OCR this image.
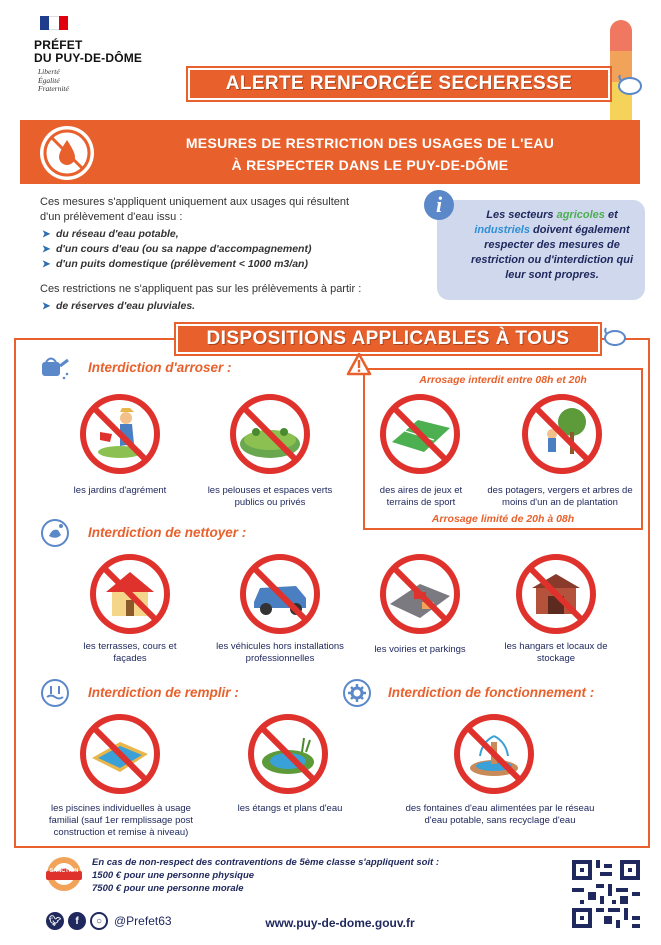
PRÉFET
DU PUY-DE-DÔME
Liberté
Égalité
Fraternité	ALERTE RENFORCÉE SECHERESSE
MESURES DE RESTRICTION DES USAGES DE L'EAU
À RESPECTER DANS LE PUY-DE-DÔME

Ces mesures s'appliquent uniquement aux usages qui résultent

d'un prélèvement d'eau issu :

➤ du réseau d'eau potable,
➤ d'un cours d'eau (ou sa nappe d'accompagnement)
➤ d'un puits domestique (prélèvement < 1000 m3/an)

Ces restrictions ne s'appliquent pas sur les prélèvements à partir :

➤ de réserves d'eau pluviales.
i	Les secteurs agricoles et industriels doivent également respecter des mesures de restriction ou d'interdiction qui leur sont propres.
DISPOSITIONS APPLICABLES À TOUS
Interdiction d'arroser :
les jardins d'agrément	les pelouses et espaces verts publics ou privés
Arrosage interdit entre 08h et 20h
des aires de jeux et terrains de sport
des potagers, vergers et arbres de moins d'un an de plantation
Arrosage limité de 20h à 08h
Interdiction de nettoyer :
les terrasses, cours et façades
les véhicules hors installations professionnelles
les voiries et parkings	les hangars et locaux de stockage
Interdiction de remplir :
les piscines individuelles à usage familial (sauf 1er remplissage post construction et remise à niveau)
les étangs et plans d'eau
Interdiction de fonctionnement :
des fontaines d'eau alimentées par le réseau d'eau potable, sans recyclage d'eau
SANCTION
En cas de non-respect des contraventions de 5ème classe s'appliquent soit :
1500 € pour une personne physique
7500 € pour une personne morale
🐦︎	f	○ @Prefet63	www.puy-de-dome.gouv.fr
